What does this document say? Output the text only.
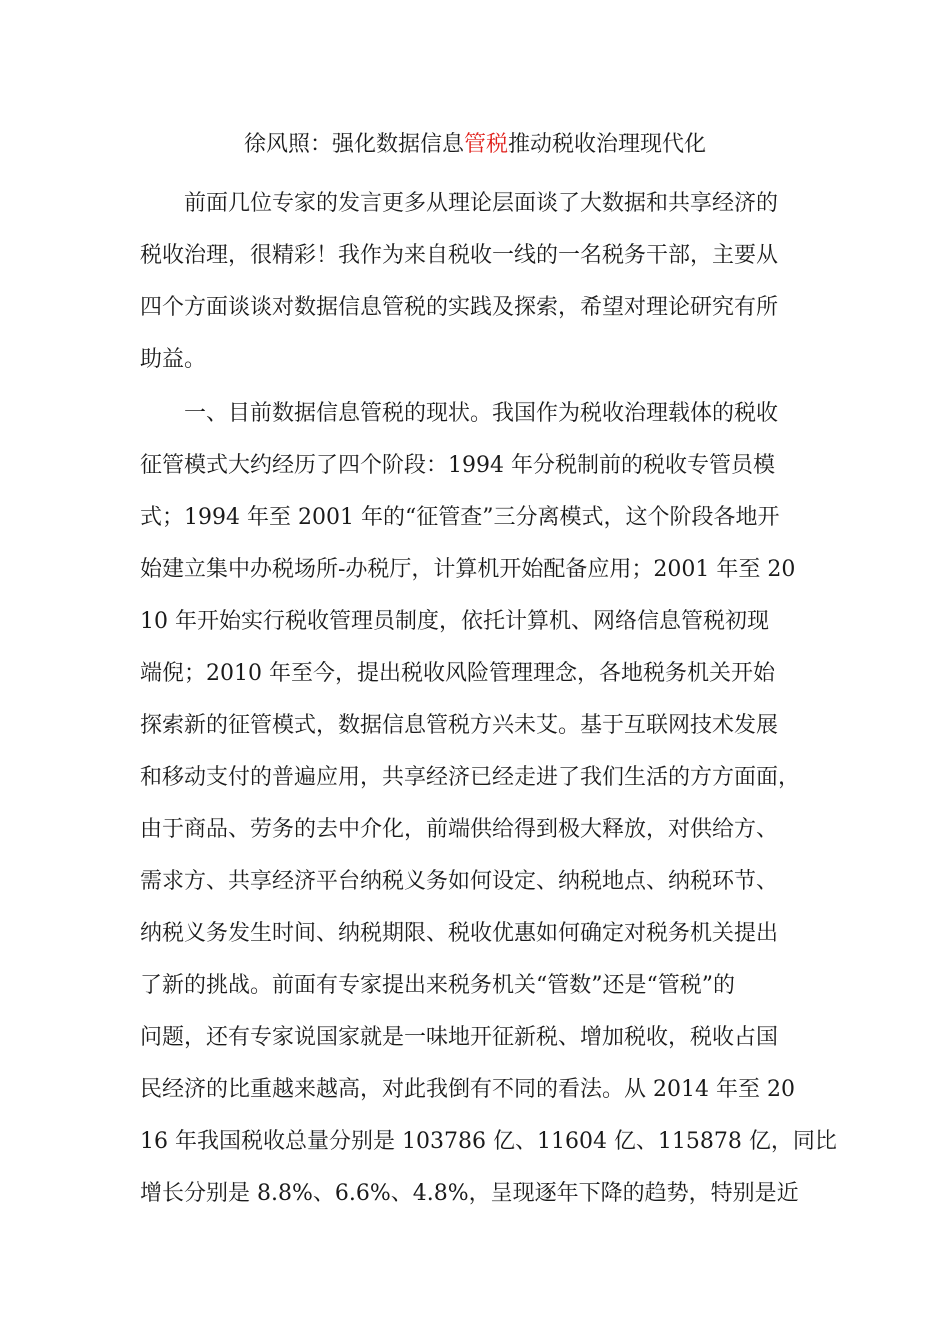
徐风照：强化数据信息管税推动税收治理现代化
　　前面几位专家的发言更多从理论层面谈了大数据和共享经济的
税收治理，很精彩！我作为来自税收一线的一名税务干部，主要从
四个方面谈谈对数据信息管税的实践及探索，希望对理论研究有所
助益。
　　一、目前数据信息管税的现状。我国作为税收治理载体的税收
征管模式大约经历了四个阶段：1994 年分税制前的税收专管员模
式；1994 年至 2001 年的“征管查”三分离模式，这个阶段各地开
始建立集中办税场所-办税厅，计算机开始配备应用；2001 年至 20
10 年开始实行税收管理员制度，依托计算机、网络信息管税初现
端倪；2010 年至今，提出税收风险管理理念，各地税务机关开始
探索新的征管模式，数据信息管税方兴未艾。基于互联网技术发展
和移动支付的普遍应用，共享经济已经走进了我们生活的方方面面，
由于商品、劳务的去中介化，前端供给得到极大释放，对供给方、
需求方、共享经济平台纳税义务如何设定、纳税地点、纳税环节、
纳税义务发生时间、纳税期限、税收优惠如何确定对税务机关提出
了新的挑战。前面有专家提出来税务机关“管数”还是“管税”的
问题，还有专家说国家就是一味地开征新税、增加税收，税收占国
民经济的比重越来越高，对此我倒有不同的看法。从 2014 年至 20
16 年我国税收总量分别是 103786 亿、11604 亿、115878 亿，同比
增长分别是 8.8%、6.6%、4.8%，呈现逐年下降的趋势，特别是近
